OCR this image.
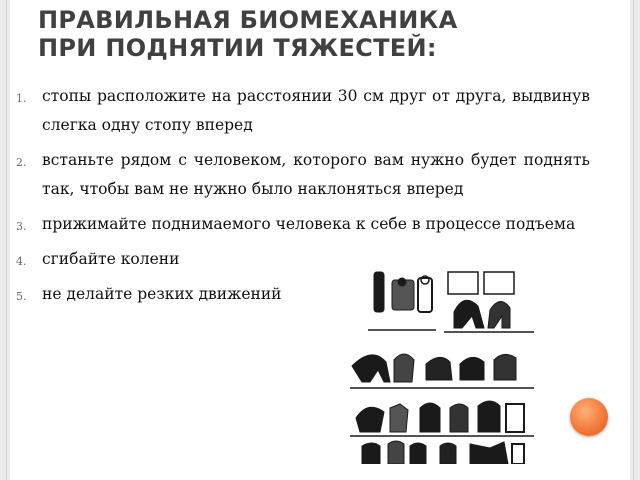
ПРАВИЛЬНАЯ БИОМЕХАНИКА
ПРИ ПОДНЯТИИ ТЯЖЕСТЕЙ:
1. стопы расположите на расстоянии 30 см друг от друга, выдвинув слегка одну стопу вперед
2. встаньте рядом с человеком, которого вам нужно будет поднять так, чтобы вам не нужно было наклоняться вперед
3. прижимайте поднимаемого человека к себе в процессе подъема
4. сгибайте колени
5. не делайте резких движений
